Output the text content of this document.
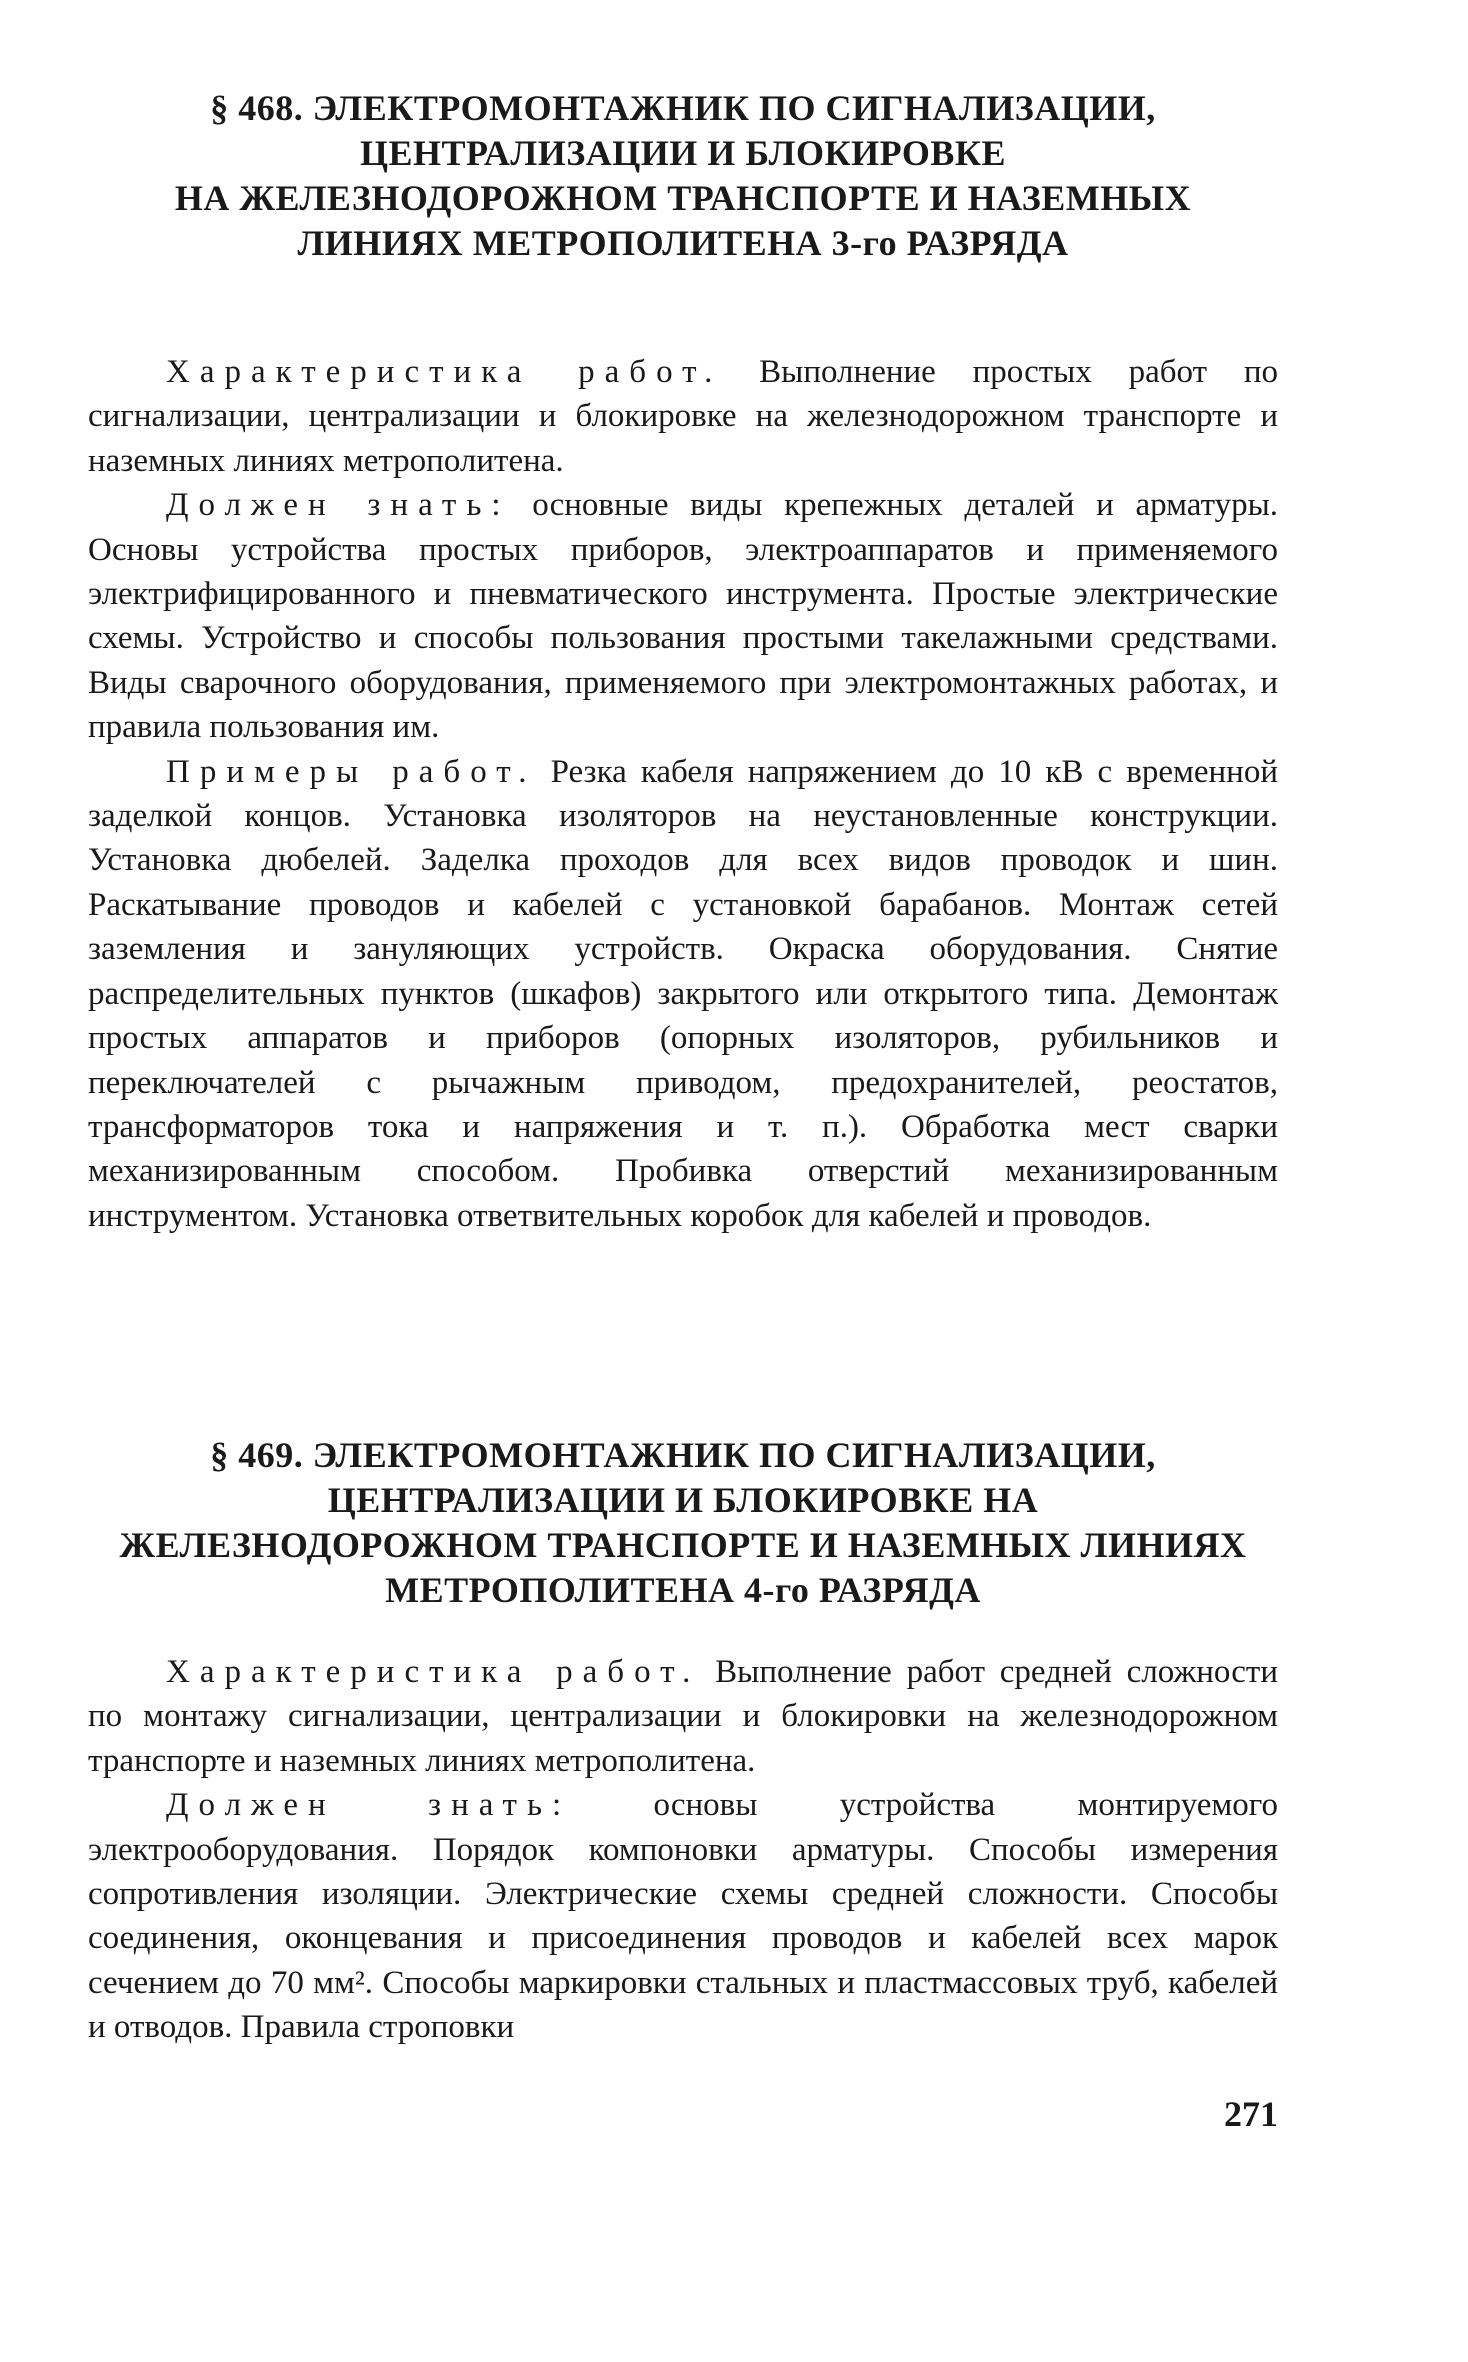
§ 468. ЭЛЕКТРОМОНТАЖНИК ПО СИГНАЛИЗАЦИИ,
ЦЕНТРАЛИЗАЦИИ И БЛОКИРОВКЕ
НА ЖЕЛЕЗНОДОРОЖНОМ ТРАНСПОРТЕ И НАЗЕМНЫХ
ЛИНИЯХ МЕТРОПОЛИТЕНА 3-го РАЗРЯДА

Характеристика работ. Выполнение простых работ по сигнализации, централизации и блокировке на железнодорожном транспорте и наземных линиях метрополитена.

Должен знать: основные виды крепежных деталей и арматуры. Основы устройства простых приборов, электроаппаратов и применяемого электрифицированного и пневматического инструмента. Простые электрические схемы. Устройство и способы пользования простыми такелажными средствами. Виды сварочного оборудования, применяемого при электромонтажных работах, и правила пользования им.

Примеры работ. Резка кабеля напряжением до 10 кВ с временной заделкой концов. Установка изоляторов на неустановленные конструкции. Установка дюбелей. Заделка проходов для всех видов проводок и шин. Раскатывание проводов и кабелей с установкой барабанов. Монтаж сетей заземления и зануляющих устройств. Окраска оборудования. Снятие распределительных пунктов (шкафов) закрытого или открытого типа. Демонтаж простых аппаратов и приборов (опорных изоляторов, рубильников и переключателей с рычажным приводом, предохранителей, реостатов, трансформаторов тока и напряжения и т. п.). Обработка мест сварки механизированным способом. Пробивка отверстий механизированным инструментом. Установка ответвительных коробок для кабелей и проводов.

§ 469. ЭЛЕКТРОМОНТАЖНИК ПО СИГНАЛИЗАЦИИ,
ЦЕНТРАЛИЗАЦИИ И БЛОКИРОВКЕ НА
ЖЕЛЕЗНОДОРОЖНОМ ТРАНСПОРТЕ И НАЗЕМНЫХ ЛИНИЯХ
МЕТРОПОЛИТЕНА 4-го РАЗРЯДА

Характеристика работ. Выполнение работ средней сложности по монтажу сигнализации, централизации и блокировки на железнодорожном транспорте и наземных линиях метрополитена.

Должен знать: основы устройства монтируемого электрооборудования. Порядок компоновки арматуры. Способы измерения сопротивления изоляции. Электрические схемы средней сложности. Способы соединения, оконцевания и присоединения проводов и кабелей всех марок сечением до 70 мм². Способы маркировки стальных и пластмассовых труб, кабелей и отводов. Правила строповки

271
